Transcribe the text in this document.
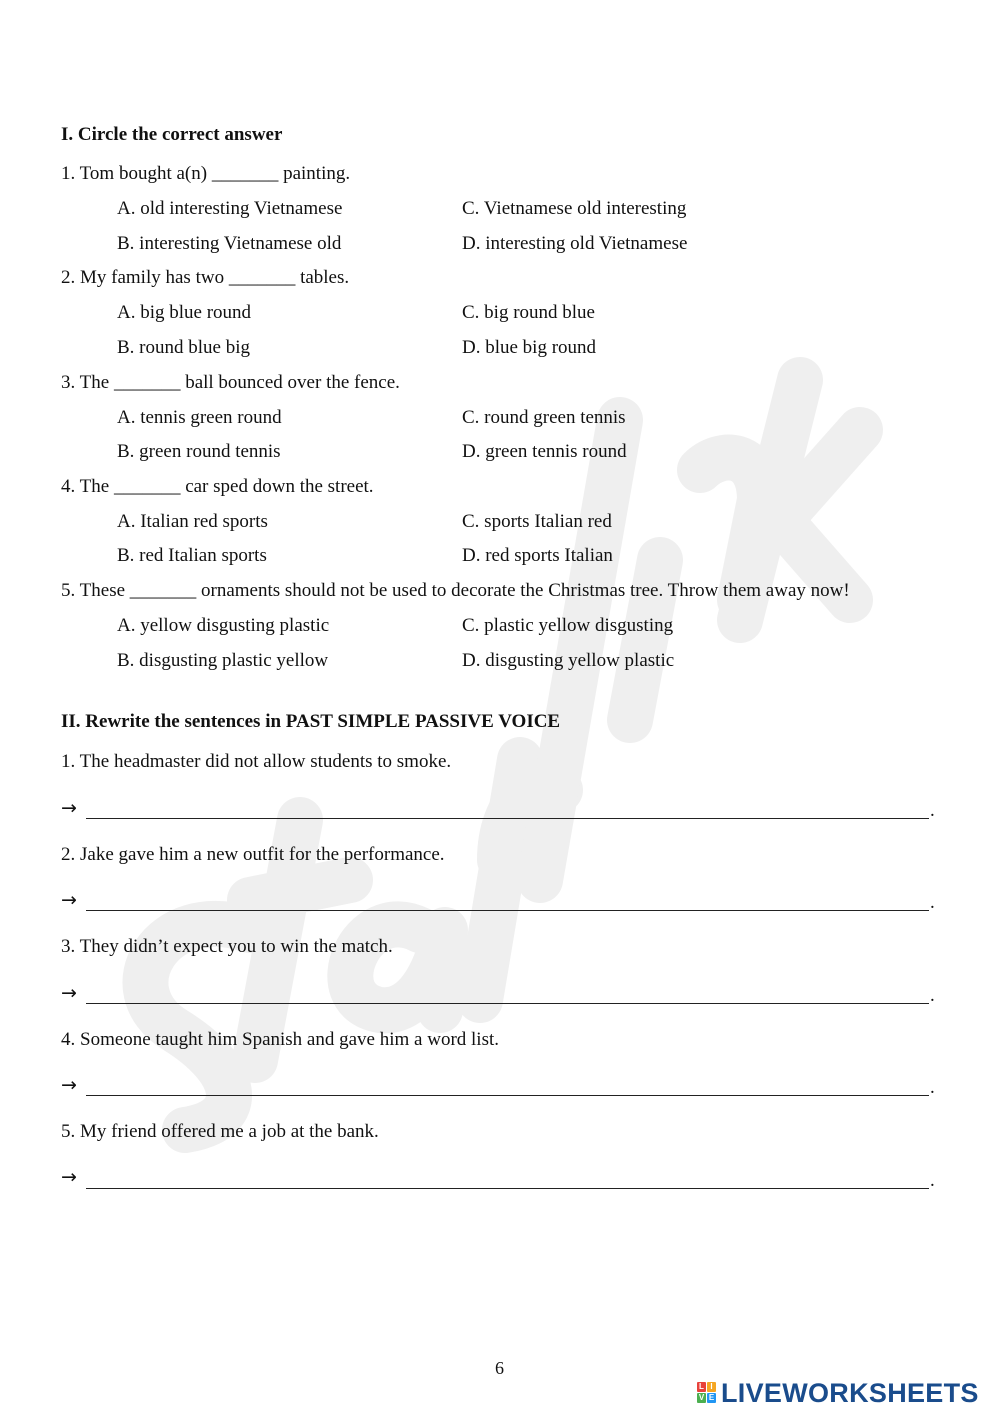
I. Circle the correct answer
1. Tom bought a(n) _______ painting.
A. old interesting Vietnamese	C. Vietnamese old interesting
B. interesting Vietnamese old	D. interesting old Vietnamese
2. My family has two _______ tables.
A. big blue round	C. big round blue
B. round blue big	D. blue big round
3. The _______ ball bounced over the fence.
A. tennis green round	C. round green tennis
B. green round tennis	D. green tennis round
4. The _______ car sped down the street.
A. Italian red sports	C. sports Italian red
B. red Italian sports	D. red sports Italian
5. These _______ ornaments should not be used to decorate the Christmas tree. Throw them away now!
A. yellow disgusting plastic	C. plastic yellow disgusting
B. disgusting plastic yellow	D. disgusting yellow plastic
II. Rewrite the sentences in PAST SIMPLE PASSIVE VOICE
1. The headmaster did not allow students to smoke.
→	.
2. Jake gave him a new outfit for the performance.
→	.
3. They didn’t expect you to win the match.
→	.
4. Someone taught him Spanish and gave him a word list.
→	.
5. My friend offered me a job at the bank.
→	.
6
L I
V E LIVEWORKSHEETS
